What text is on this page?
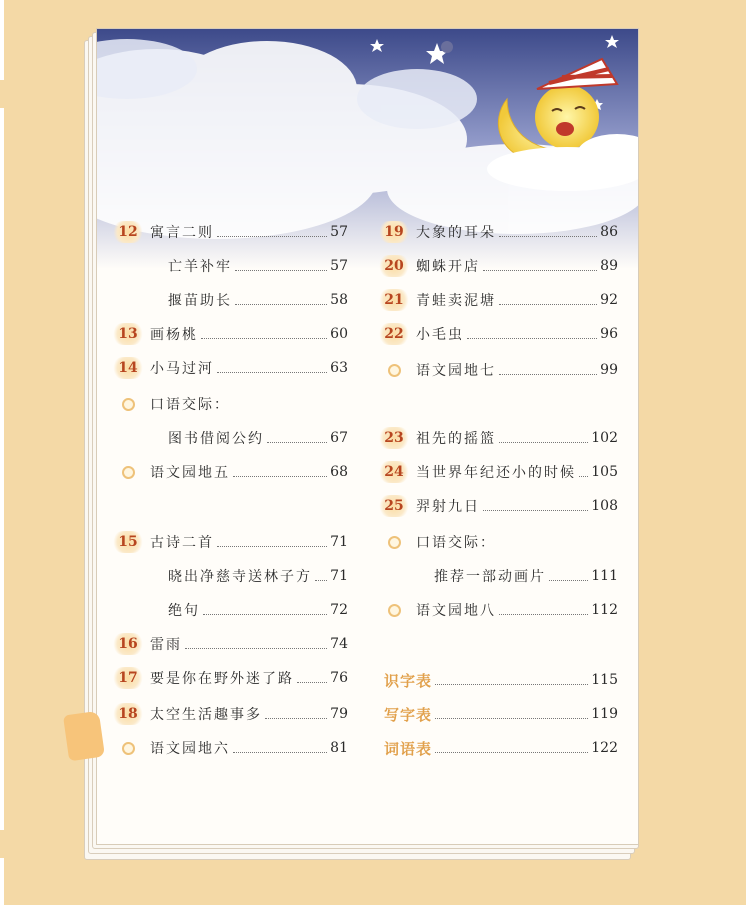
12 寓言二则	57
亡羊补牢	57
揠苗助长	58
13 画杨桃	60
14 小马过河	63
口语交际：
图书借阅公约	67
语文园地五	68
15 古诗二首	71
晓出净慈寺送林子方 71
绝句	72
16 雷雨	74
17 要是你在野外迷了路	76
18 太空生活趣事多	79
语文园地六	81
19 大象的耳朵	86
20 蜘蛛开店	89
21 青蛙卖泥塘	92
22 小毛虫	96
语文园地七	99
23 祖先的摇篮	102
24 当世界年纪还小的时候 105
25 羿射九日	108
口语交际：
推荐一部动画片	111
语文园地八	112
识字表	115
写字表	119
词语表	122
